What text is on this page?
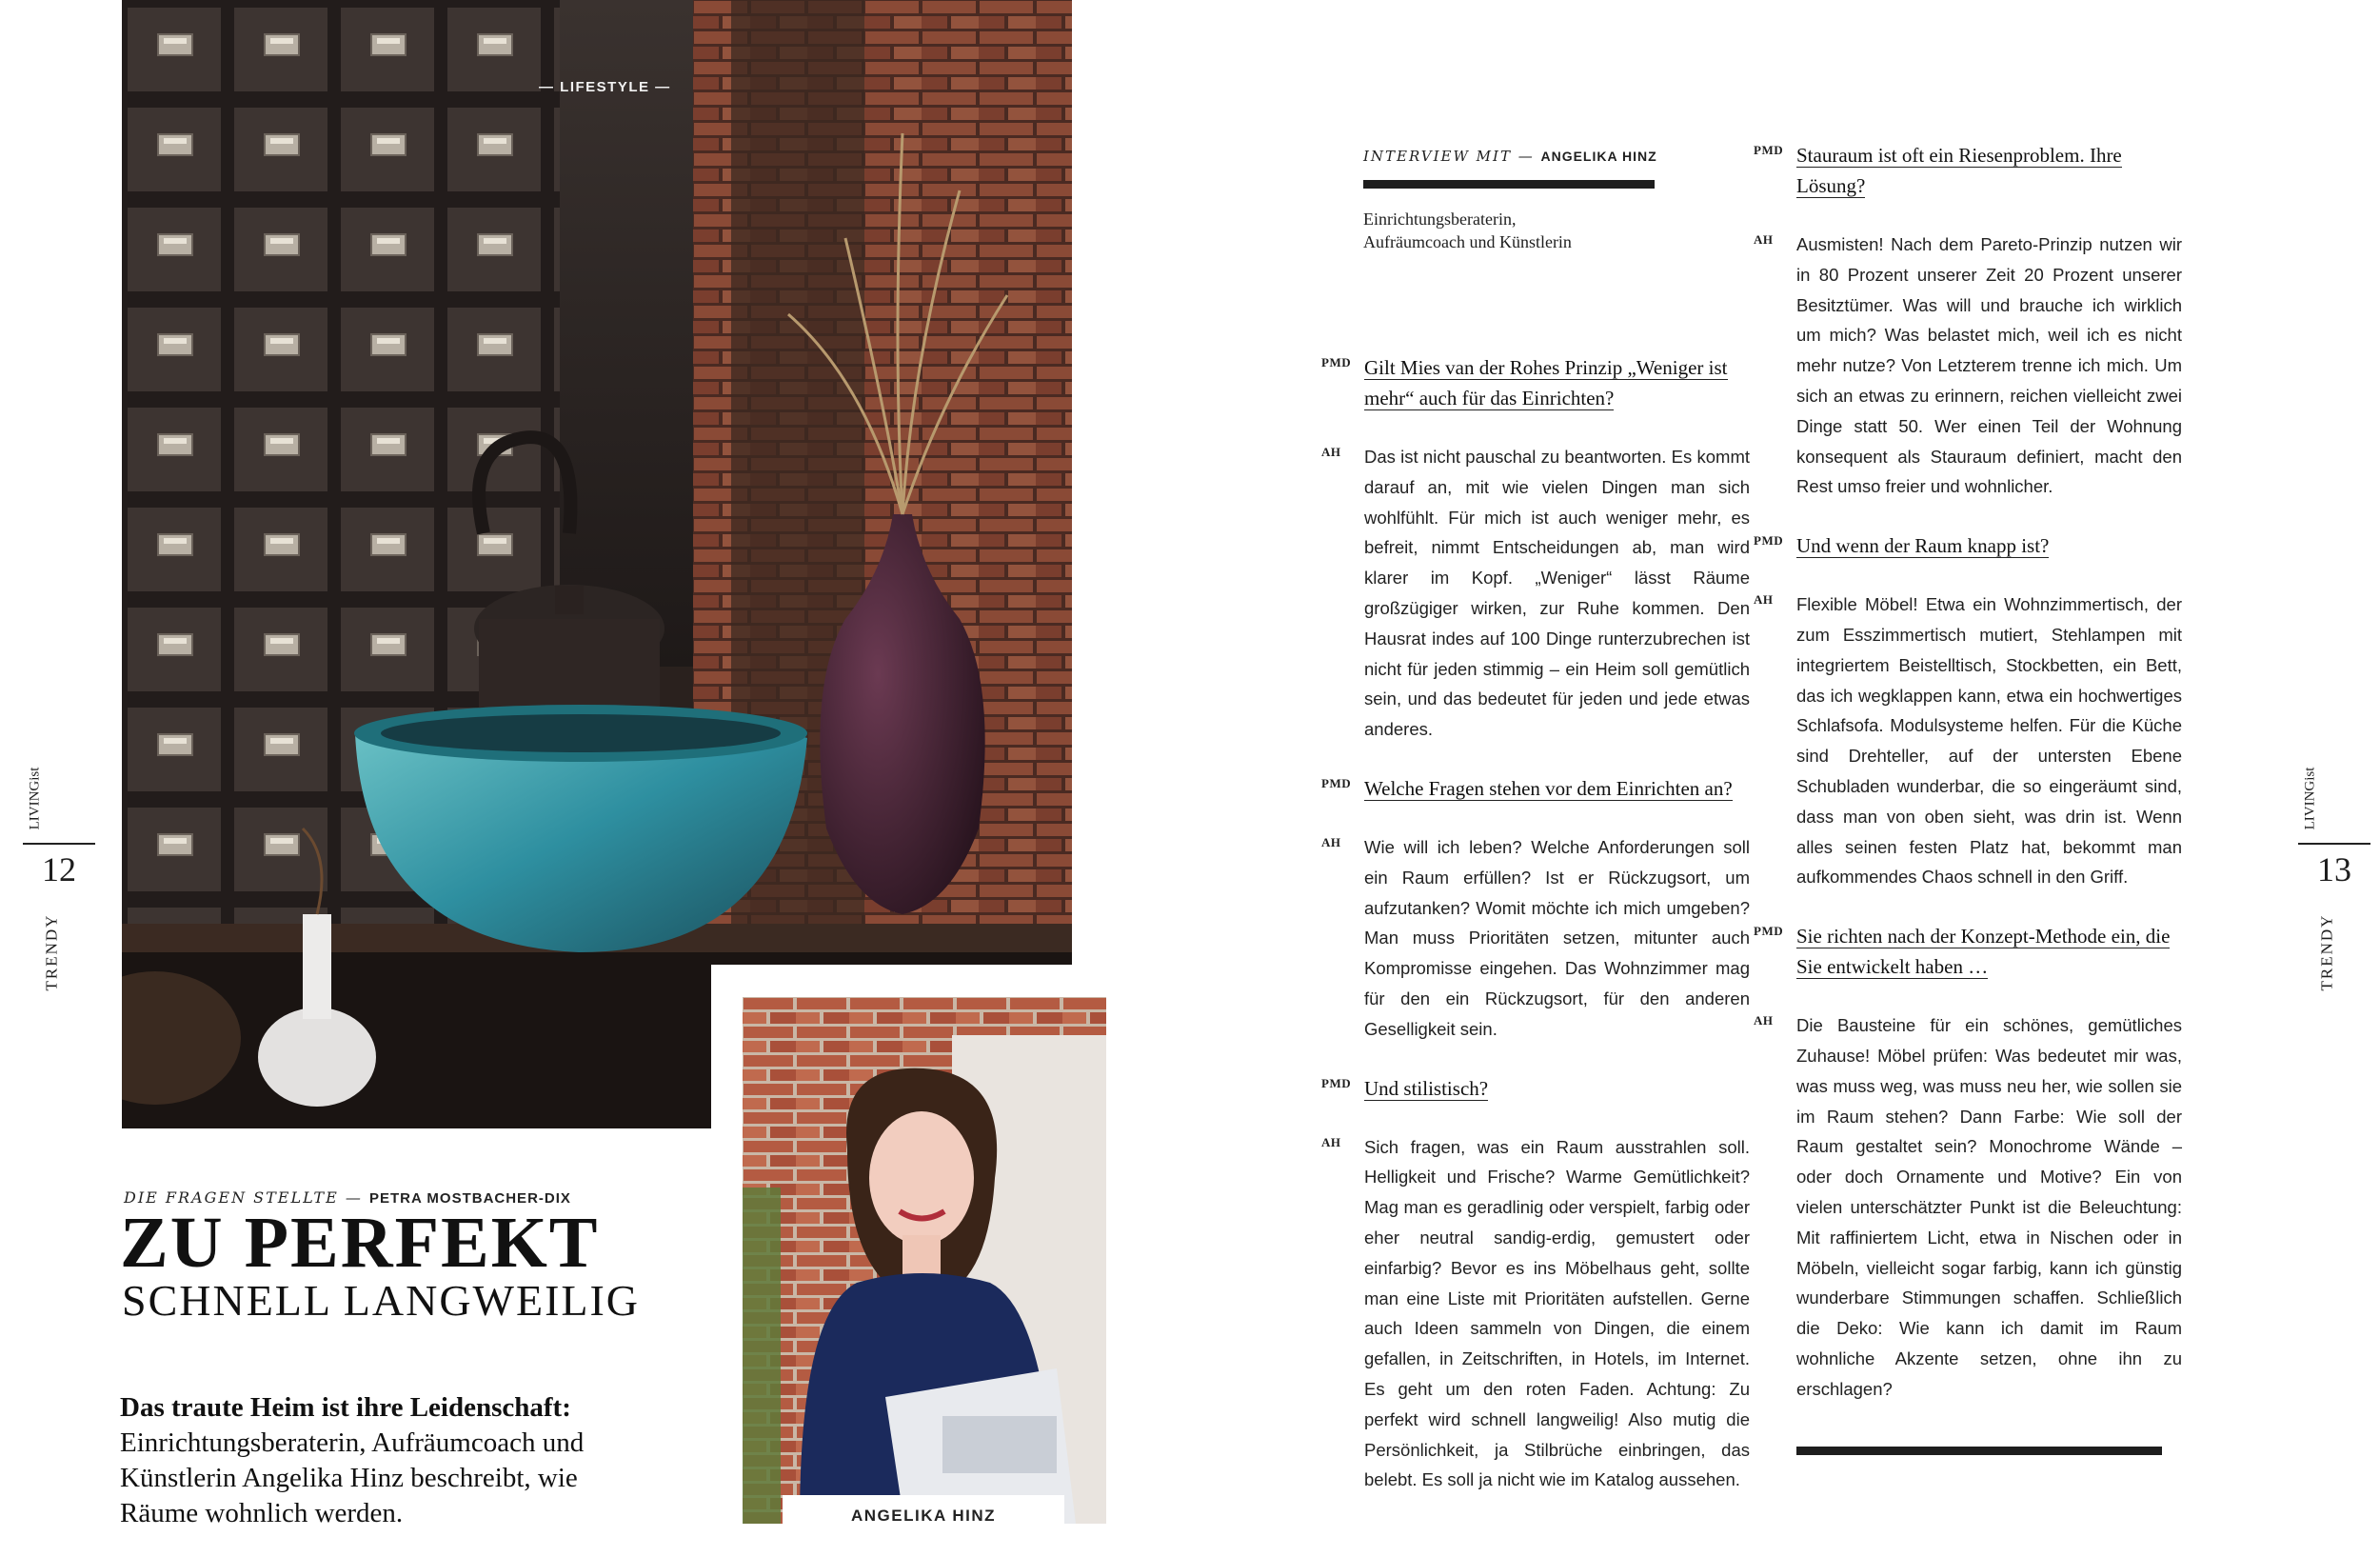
— LIFESTYLE —
ANGELIKA HINZ
DIE FRAGEN STELLTE — PETRA MOSTBACHER-DIX
ZU PERFEKT
SCHNELL LANGWEILIG
Das traute Heim ist ihre Leidenschaft: Einrichtungsberaterin, Aufräumcoach und Künstlerin Angelika Hinz beschreibt, wie Räume wohnlich werden.
LIVINGist
12
TRENDY
INTERVIEW MIT — ANGELIKA HINZ
Einrichtungsberaterin,
Aufräumcoach und Künstlerin
PMD Gilt Mies van der Rohes Prinzip „Weniger ist mehr“ auch für das Einrichten?
AH Das ist nicht pauschal zu beantworten. Es kommt darauf an, mit wie vielen Dingen man sich wohlfühlt. Für mich ist auch weniger mehr, es befreit, nimmt Entscheidungen ab, man wird klarer im Kopf. „Weniger“ lässt Räume großzügiger wirken, zur Ruhe kommen. Den Hausrat indes auf 100 Dinge runterzubrechen ist nicht für jeden stimmig – ein Heim soll gemütlich sein, und das bedeutet für jeden und jede etwas anderes.
PMD Welche Fragen stehen vor dem Einrichten an?
AH Wie will ich leben? Welche Anforderungen soll ein Raum erfüllen? Ist er Rückzugsort, um aufzutanken? Womit möchte ich mich umgeben? Man muss Prioritäten setzen, mitunter auch Kompromisse eingehen. Das Wohnzimmer mag für den ein Rückzugsort, für den anderen Geselligkeit sein.
PMD Und stilistisch?
AH Sich fragen, was ein Raum ausstrahlen soll. Helligkeit und Frische? Warme Gemütlichkeit? Mag man es geradlinig oder verspielt, farbig oder eher neutral sandig-erdig, gemustert oder einfarbig? Bevor es ins Möbelhaus geht, sollte man eine Liste mit Prioritäten aufstellen. Gerne auch Ideen sammeln von Dingen, die einem gefallen, in Zeitschriften, in Hotels, im Internet. Es geht um den roten Faden. Achtung: Zu perfekt wird schnell langweilig! Also mutig die Persönlichkeit, ja Stilbrüche einbringen, das belebt. Es soll ja nicht wie im Katalog aussehen.
PMD Stauraum ist oft ein Riesenproblem. Ihre Lösung?
AH Ausmisten! Nach dem Pareto-Prinzip nutzen wir in 80 Prozent unserer Zeit 20 Prozent unserer Besitztümer. Was will und brauche ich wirklich um mich? Was belastet mich, weil ich es nicht mehr nutze? Von Letzterem trenne ich mich. Um sich an etwas zu erinnern, reichen vielleicht zwei Dinge statt 50. Wer einen Teil der Wohnung konsequent als Stauraum definiert, macht den Rest umso freier und wohnlicher.
PMD Und wenn der Raum knapp ist?
AH Flexible Möbel! Etwa ein Wohnzimmertisch, der zum Esszimmertisch mutiert, Stehlampen mit integriertem Beistelltisch, Stockbetten, ein Bett, das ich wegklappen kann, etwa ein hochwertiges Schlafsofa. Modulsysteme helfen. Für die Küche sind Drehteller, auf der untersten Ebene Schubladen wunderbar, die so eingeräumt sind, dass man von oben sieht, was drin ist. Wenn alles seinen festen Platz hat, bekommt man aufkommendes Chaos schnell in den Griff.
PMD Sie richten nach der Konzept-Methode ein, die Sie entwickelt haben …
AH Die Bausteine für ein schönes, gemütliches Zuhause! Möbel prüfen: Was bedeutet mir was, was muss weg, was muss neu her, wie sollen sie im Raum stehen? Dann Farbe: Wie soll der Raum gestaltet sein? Monochrome Wände – oder doch Ornamente und Motive? Ein von vielen unterschätzter Punkt ist die Beleuchtung: Mit raffiniertem Licht, etwa in Nischen oder in Möbeln, vielleicht sogar farbig, kann ich günstig wunderbare Stimmungen schaffen. Schließlich die Deko: Wie kann ich damit im Raum wohnliche Akzente setzen, ohne ihn zu erschlagen?
LIVINGist
13
TRENDY
